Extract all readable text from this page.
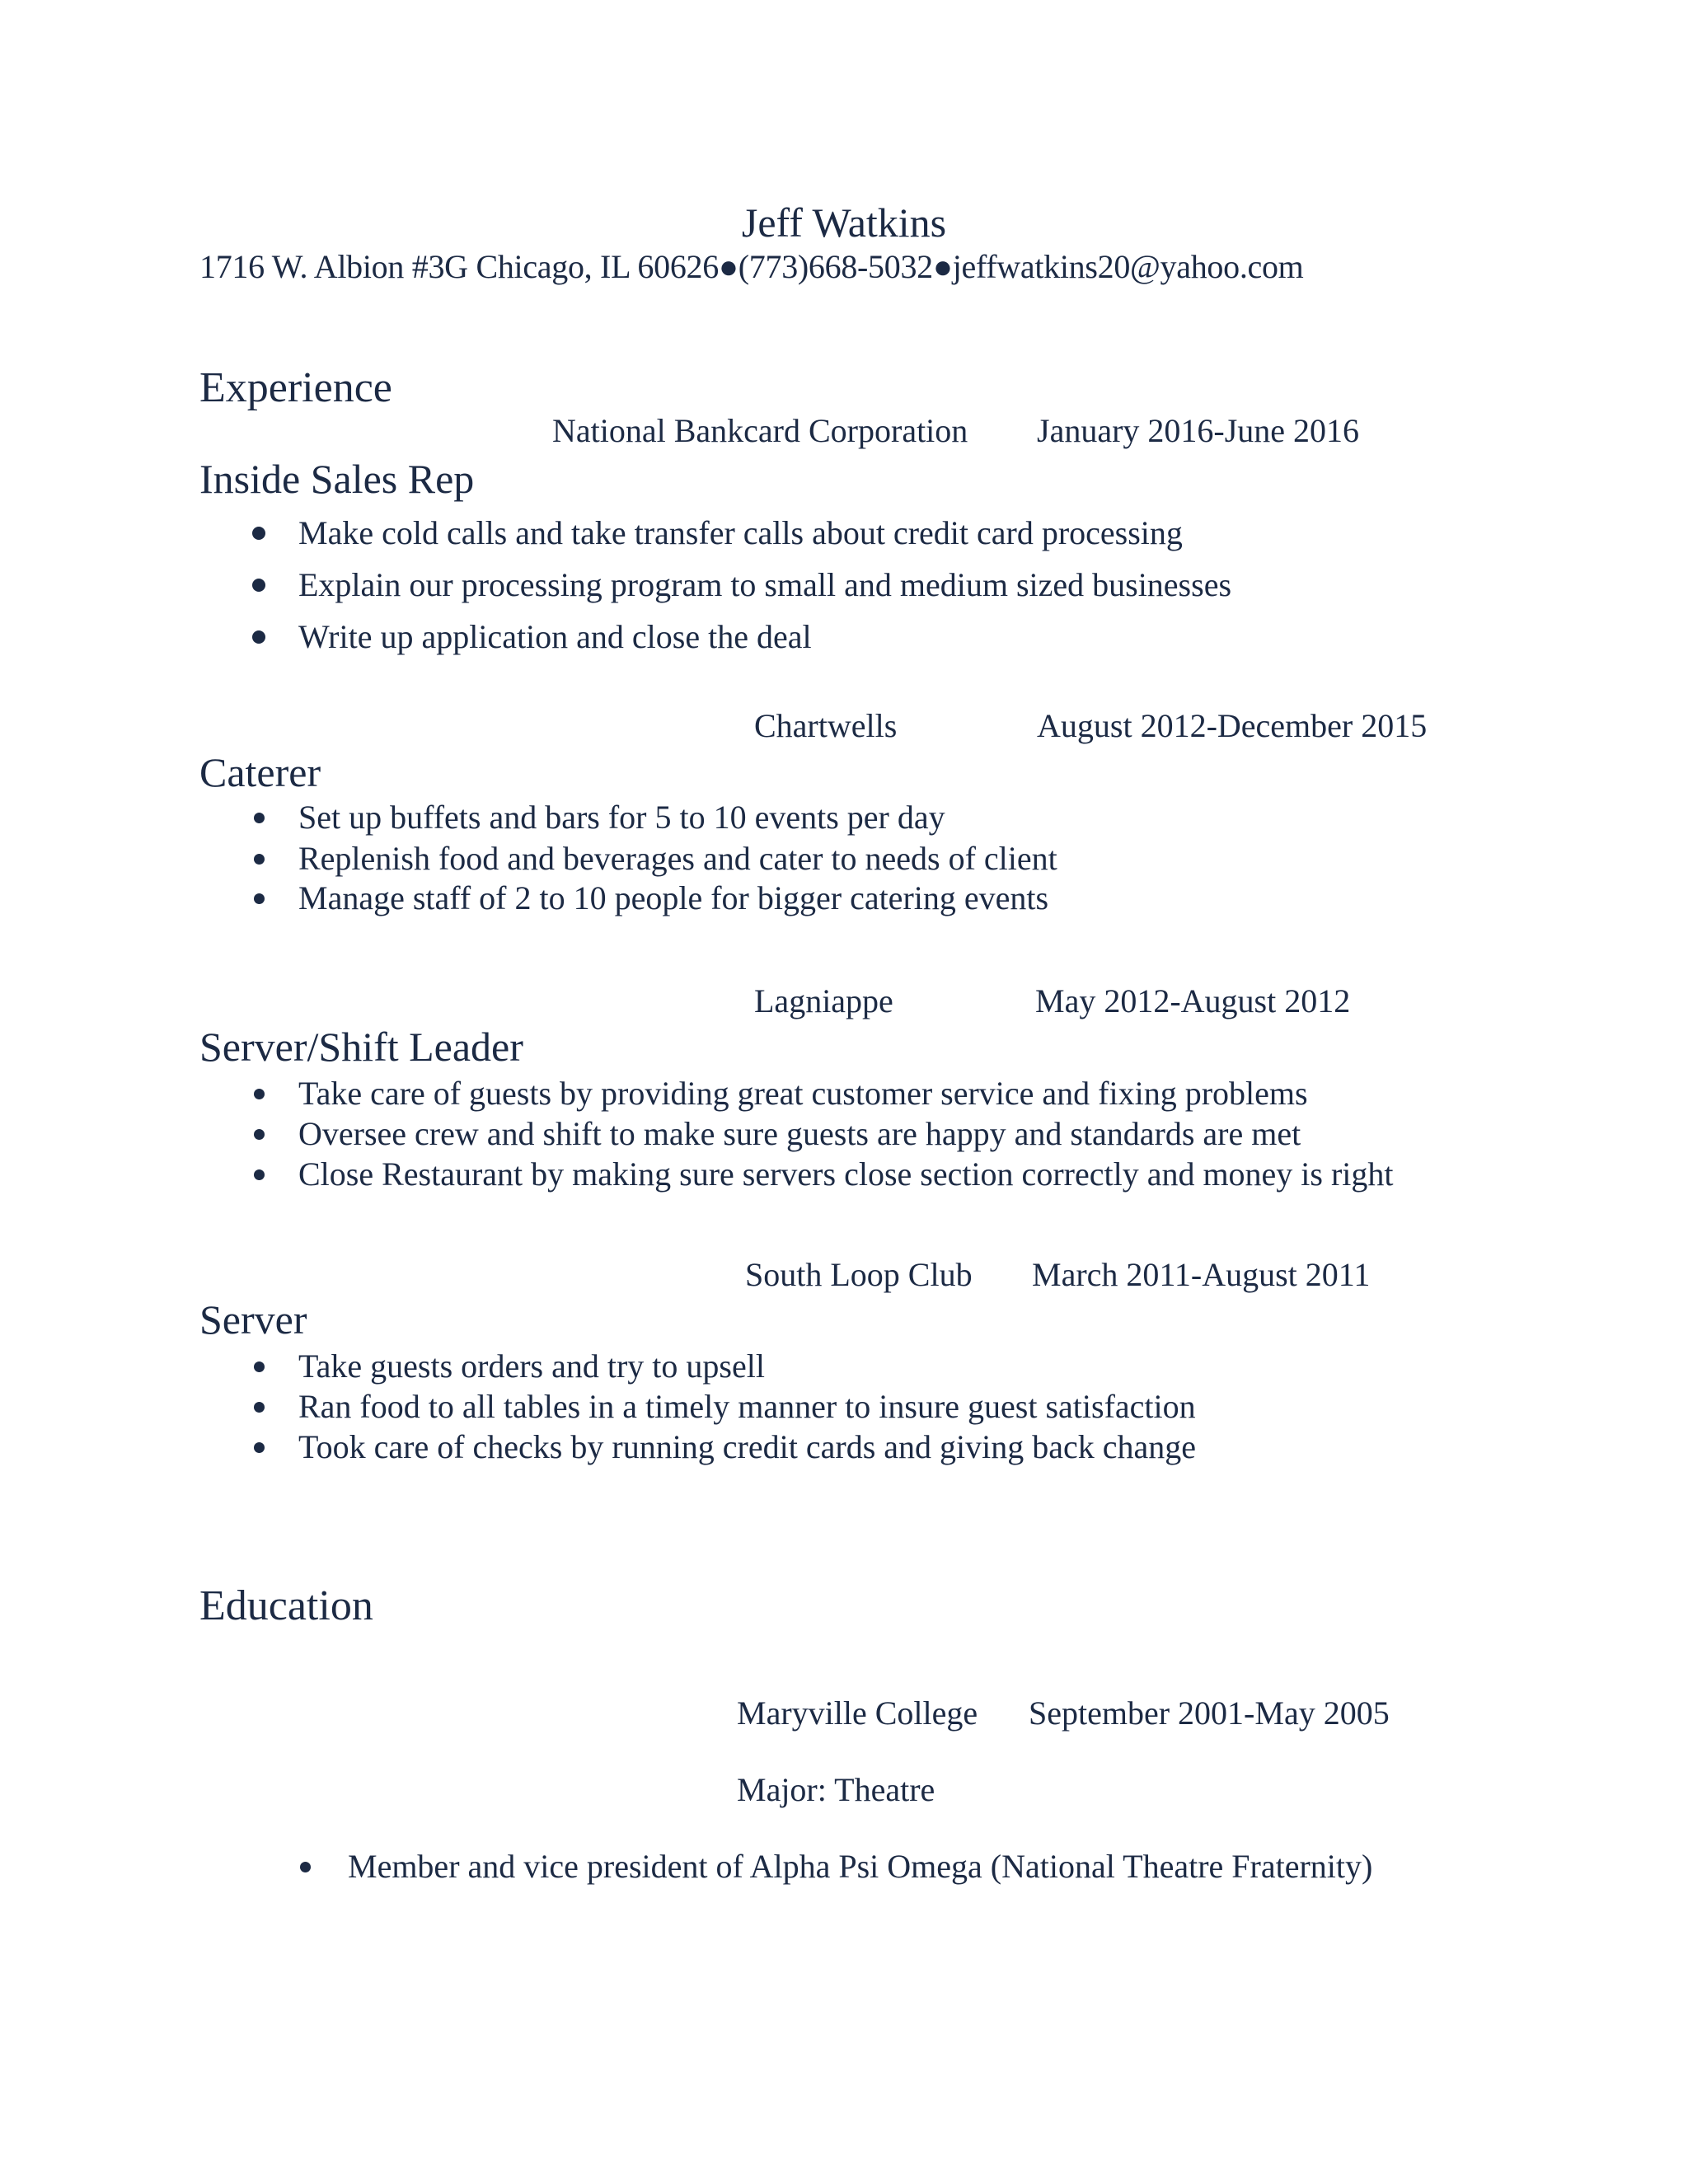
Jeff Watkins
1716 W. Albion #3G Chicago, IL 60626●(773)668-5032●jeffwatkins20@yahoo.com
Experience
National Bankcard Corporation January 2016-June 2016
Inside Sales Rep
Make cold calls and take transfer calls about credit card processing
Explain our processing program to small and medium sized businesses
Write up application and close the deal
Chartwells	August 2012-December 2015
Caterer
Set up buffets and bars for 5 to 10 events per day
Replenish food and beverages and cater to needs of client
Manage staff of 2 to 10 people for bigger catering events
Lagniappe	May 2012-August 2012
Server/Shift Leader
Take care of guests by providing great customer service and fixing problems
Oversee crew and shift to make sure guests are happy and standards are met
Close Restaurant by making sure servers close section correctly and money is right
South Loop Club March 2011-August 2011
Server
Take guests orders and try to upsell
Ran food to all tables in a timely manner to insure guest satisfaction
Took care of checks by running credit cards and giving back change
Education
Maryville College September 2001-May 2005
Major: Theatre
Member and vice president of Alpha Psi Omega (National Theatre Fraternity)
